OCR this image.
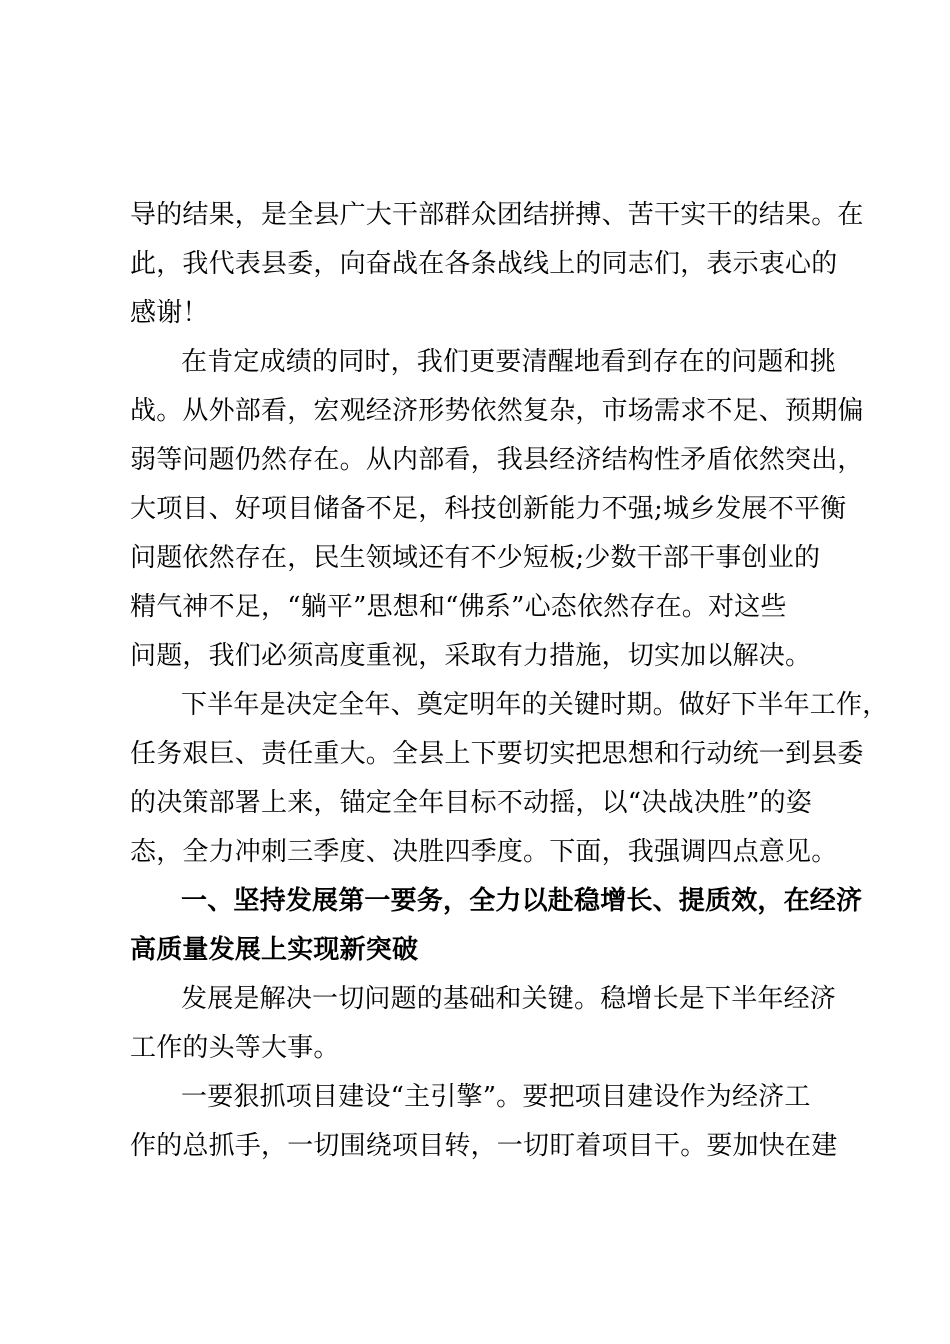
导的结果，是全县广大干部群众团结拼搏、苦干实干的结果。在
此，我代表县委，向奋战在各条战线上的同志们，表示衷心的
感谢！
在肯定成绩的同时，我们更要清醒地看到存在的问题和挑
战。从外部看，宏观经济形势依然复杂，市场需求不足、预期偏
弱等问题仍然存在。从内部看，我县经济结构性矛盾依然突出，
大项目、好项目储备不足，科技创新能力不强;城乡发展不平衡
问题依然存在，民生领域还有不少短板;少数干部干事创业的
精气神不足，“躺平”思想和“佛系”心态依然存在。对这些
问题，我们必须高度重视，采取有力措施，切实加以解决。
下半年是决定全年、奠定明年的关键时期。做好下半年工作，
任务艰巨、责任重大。全县上下要切实把思想和行动统一到县委
的决策部署上来，锚定全年目标不动摇，以“决战决胜”的姿
态，全力冲刺三季度、决胜四季度。下面，我强调四点意见。
一、坚持发展第一要务，全力以赴稳增长、提质效，在经济
高质量发展上实现新突破
发展是解决一切问题的基础和关键。稳增长是下半年经济
工作的头等大事。
一要狠抓项目建设“主引擎”。要把项目建设作为经济工
作的总抓手，一切围绕项目转，一切盯着项目干。要加快在建
